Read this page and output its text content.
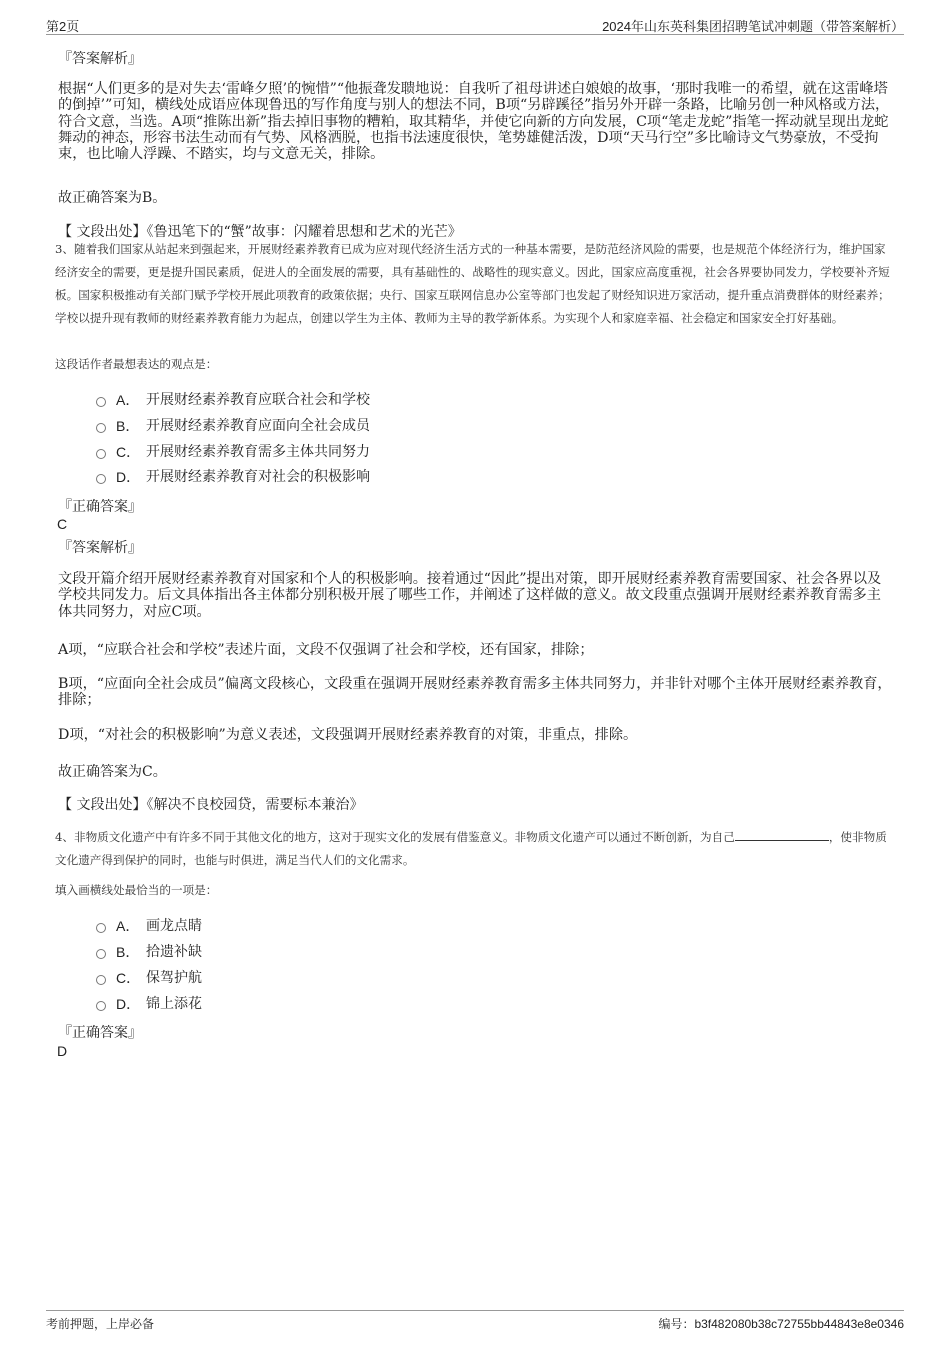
第2页	2024年山东英科集团招聘笔试冲刺题（带答案解析）
『答案解析』

根据“人们更多的是对失去‘雷峰夕照’的惋惜”“他振聋发聩地说：自我听了祖母讲述白娘娘的故事，‘那时我唯一的希望，就在这雷峰塔的倒掉’”可知，横线处成语应体现鲁迅的写作角度与别人的想法不同，B项“另辟蹊径”指另外开辟一条路，比喻另创一种风格或方法，符合文意，当选。A项“推陈出新”指去掉旧事物的糟粕，取其精华，并使它向新的方向发展，C项“笔走龙蛇”指笔一挥动就呈现出龙蛇舞动的神态，形容书法生动而有气势、风格洒脱，也指书法速度很快，笔势雄健活泼，D项“天马行空”多比喻诗文气势豪放，不受拘束，也比喻人浮躁、不踏实，均与文意无关，排除。

故正确答案为B。
【 文段出处】《鲁迅笔下的“蟹”故事：闪耀着思想和艺术的光芒》

3、随着我们国家从站起来到强起来，开展财经素养教育已成为应对现代经济生活方式的一种基本需要，是防范经济风险的需要，也是规范个体经济行为，维护国家经济安全的需要，更是提升国民素质，促进人的全面发展的需要，具有基础性的、战略性的现实意义。因此，国家应高度重视，社会各界要协同发力，学校要补齐短板。国家积极推动有关部门赋予学校开展此项教育的政策依据；央行、国家互联网信息办公室等部门也发起了财经知识进万家活动，提升重点消费群体的财经素养；学校以提升现有教师的财经素养教育能力为起点，创建以学生为主体、教师为主导的教学新体系。为实现个人和家庭幸福、社会稳定和国家安全打好基础。

这段话作者最想表达的观点是：
A． 开展财经素养教育应联合社会和学校
B． 开展财经素养教育应面向全社会成员
C． 开展财经素养教育需多主体共同努力
D． 开展财经素养教育对社会的积极影响
『正确答案』
C
『答案解析』

文段开篇介绍开展财经素养教育对国家和个人的积极影响。接着通过“因此”提出对策，即开展财经素养教育需要国家、社会各界以及学校共同发力。后文具体指出各主体都分别积极开展了哪些工作，并阐述了这样做的意义。故文段重点强调开展财经素养教育需多主体共同努力，对应C项。

A项，“应联合社会和学校”表述片面，文段不仅强调了社会和学校，还有国家，排除；

B项，“应面向全社会成员”偏离文段核心，文段重在强调开展财经素养教育需多主体共同努力，并非针对哪个主体开展财经素养教育，排除；

D项，“对社会的积极影响”为意义表述，文段强调开展财经素养教育的对策，非重点，排除。

故正确答案为C。
【 文段出处】《解决不良校园贷，需要标本兼治》

4、非物质文化遗产中有许多不同于其他文化的地方，这对于现实文化的发展有借鉴意义。非物质文化遗产可以通过不断创新，为自己	，使非物质文化遗产得到保护的同时，也能与时俱进，满足当代人们的文化需求。

填入画横线处最恰当的一项是：
A． 画龙点睛
B． 拾遗补缺
C． 保驾护航
D． 锦上添花
『正确答案』
D
考前押题，上岸必备	编号：b3f482080b38c72755bb44843e8e0346
